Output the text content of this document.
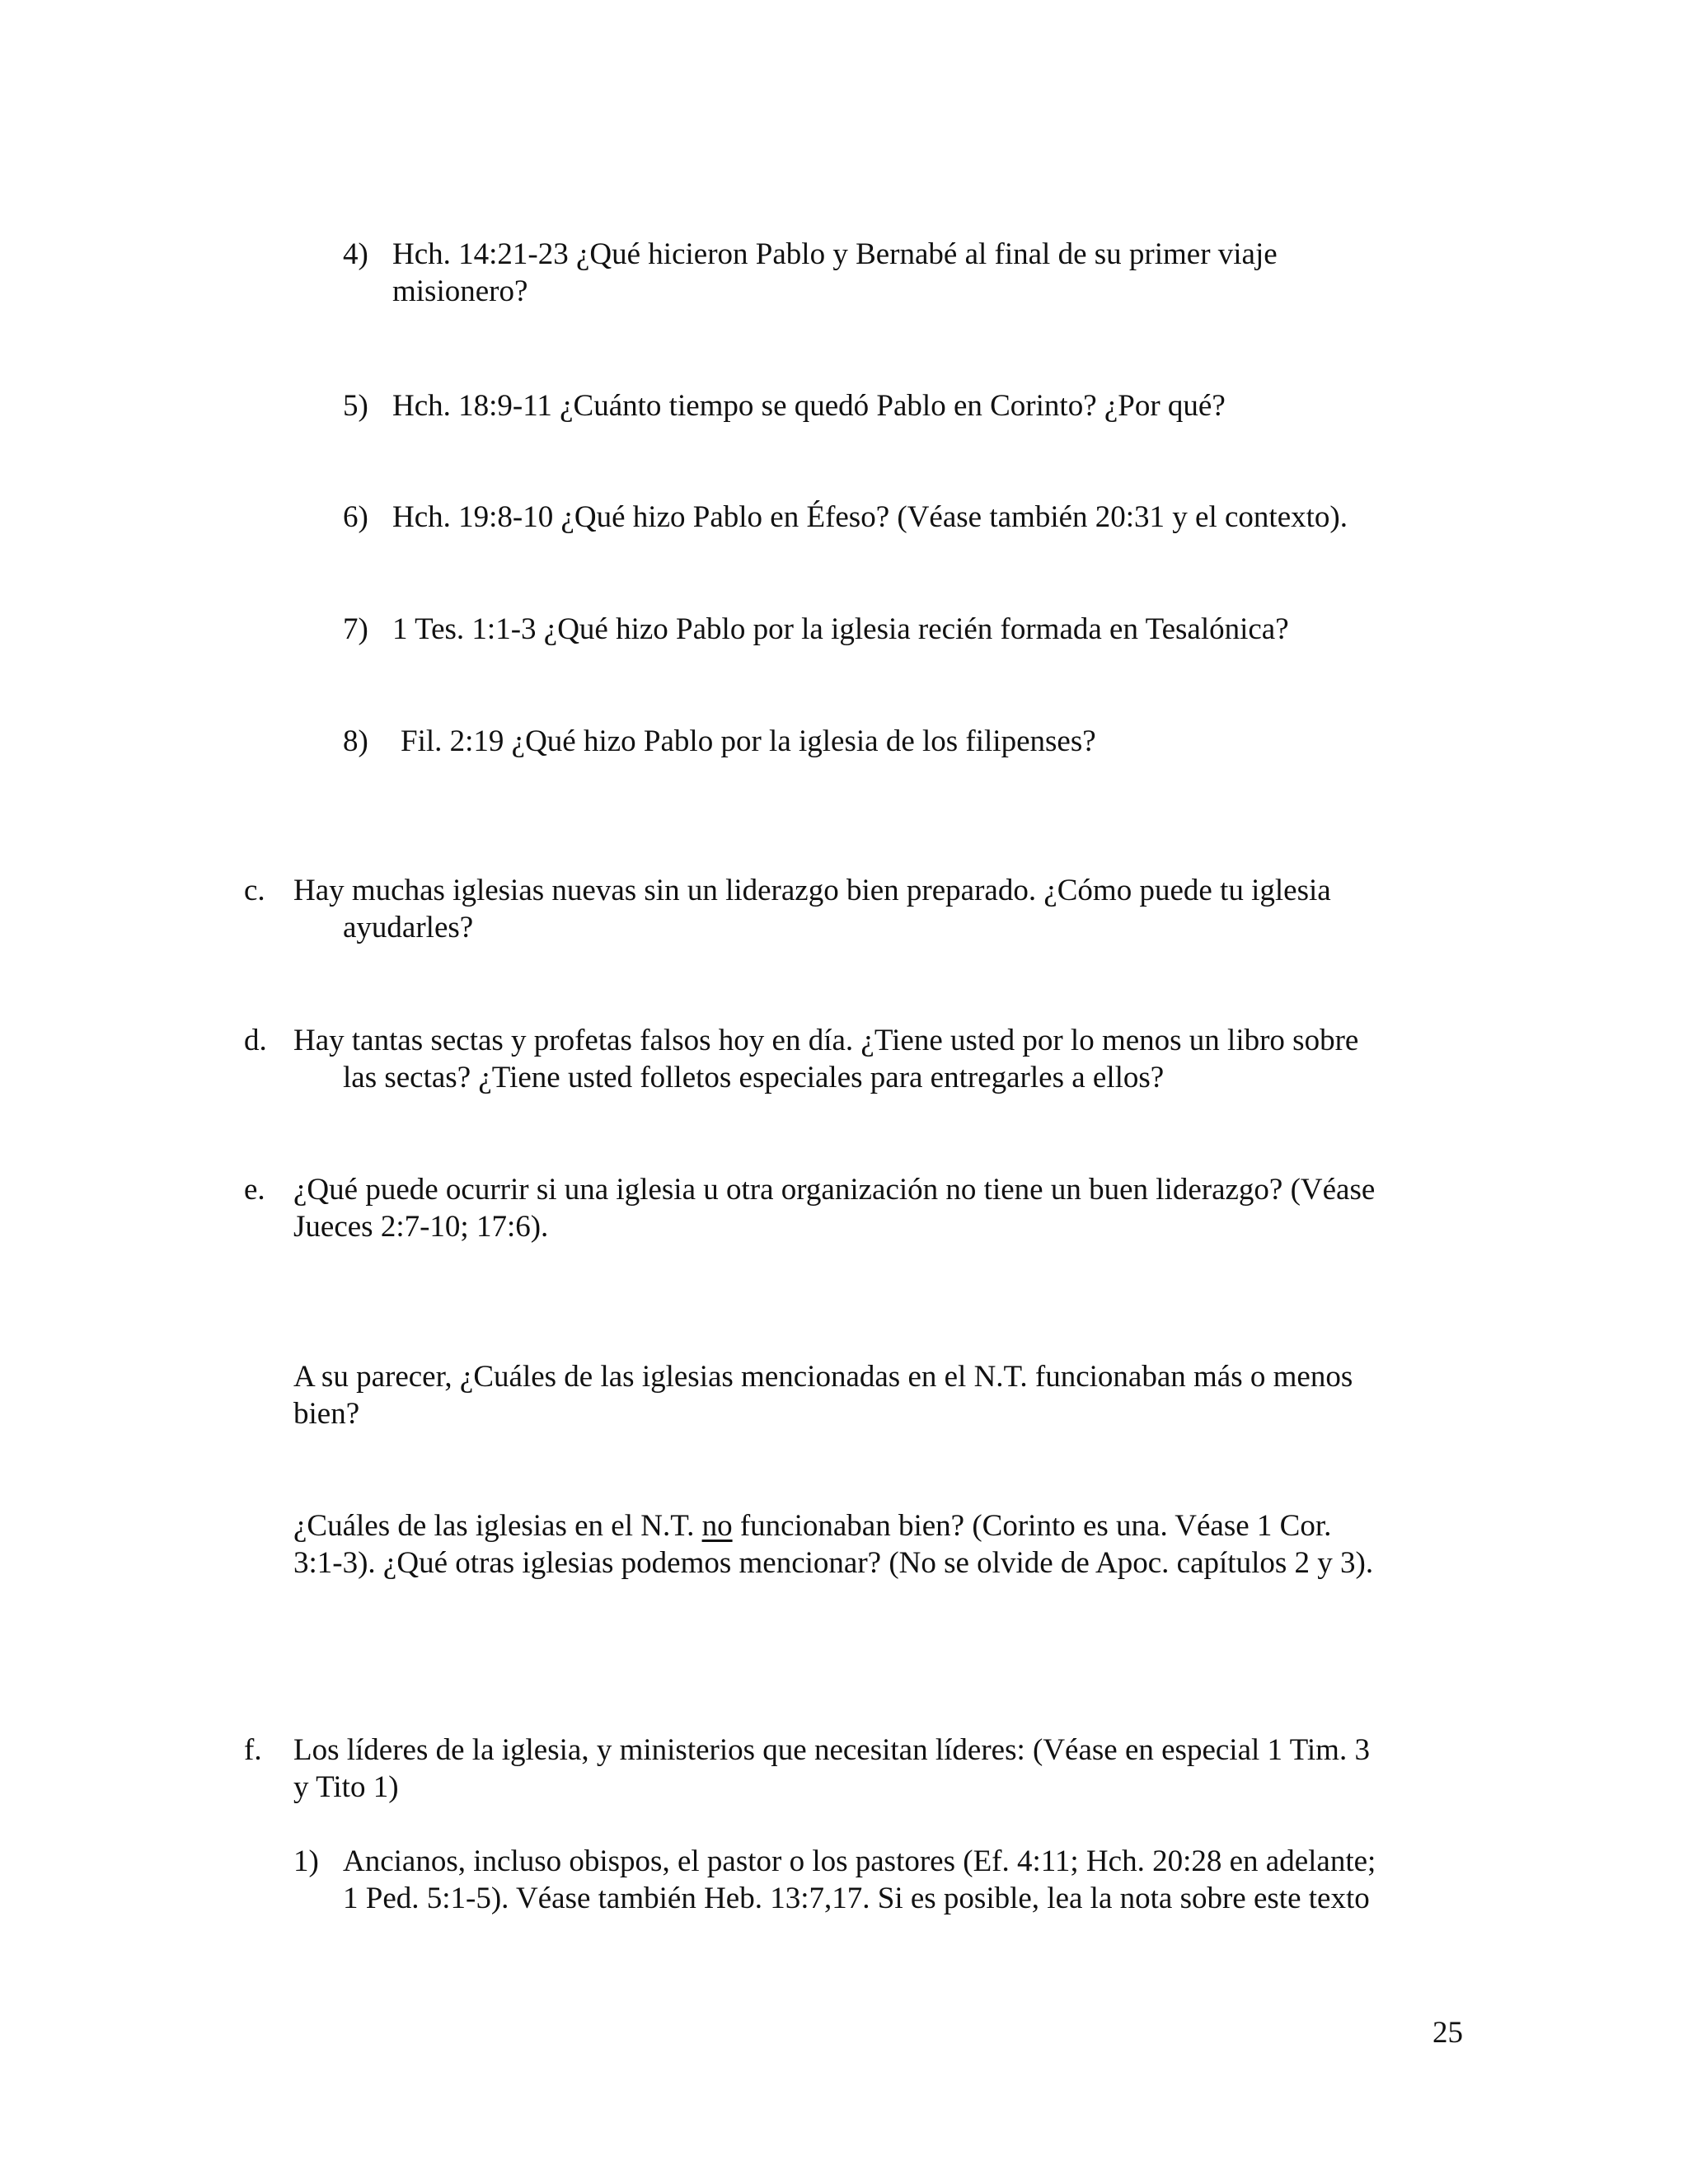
4) Hch. 14:21-23 ¿Qué hicieron Pablo y Bernabé al final de su primer viaje
misionero?
5) Hch. 18:9-11 ¿Cuánto tiempo se quedó Pablo en Corinto? ¿Por qué?
6) Hch. 19:8-10 ¿Qué hizo Pablo en Éfeso? (Véase también 20:31 y el contexto).
7) 1 Tes. 1:1-3 ¿Qué hizo Pablo por la iglesia recién formada en Tesalónica?
8) Fil. 2:19 ¿Qué hizo Pablo por la iglesia de los filipenses?
c. Hay muchas iglesias nuevas sin un liderazgo bien preparado. ¿Cómo puede tu iglesia
ayudarles?
d. Hay tantas sectas y profetas falsos hoy en día. ¿Tiene usted por lo menos un libro sobre
las sectas? ¿Tiene usted folletos especiales para entregarles a ellos?
e. ¿Qué puede ocurrir si una iglesia u otra organización no tiene un buen liderazgo? (Véase
Jueces 2:7-10; 17:6).
A su parecer, ¿Cuáles de las iglesias mencionadas en el N.T. funcionaban más o menos
bien?
¿Cuáles de las iglesias en el N.T. no funcionaban bien? (Corinto es una. Véase 1 Cor.
3:1-3). ¿Qué otras iglesias podemos mencionar? (No se olvide de Apoc. capítulos 2 y 3).
f. Los líderes de la iglesia, y ministerios que necesitan líderes: (Véase en especial 1 Tim. 3
y Tito 1)
1) Ancianos, incluso obispos, el pastor o los pastores (Ef. 4:11; Hch. 20:28 en adelante;
1 Ped. 5:1-5). Véase también Heb. 13:7,17. Si es posible, lea la nota sobre este texto
25
